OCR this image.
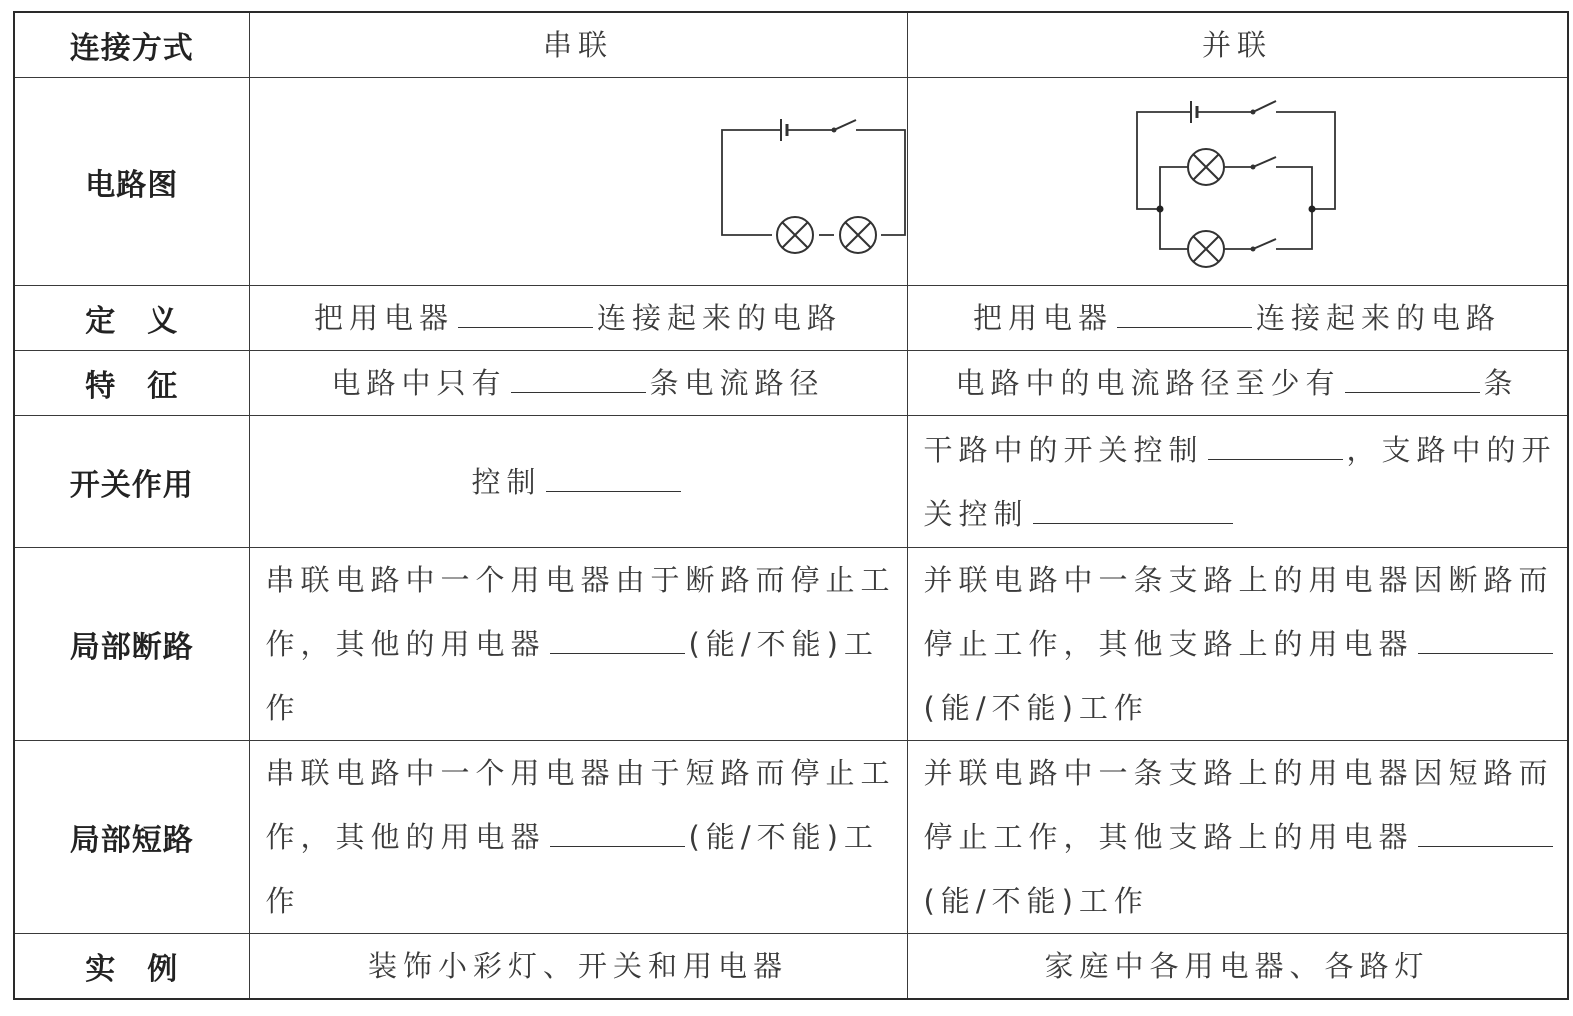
连接方式	串联	并联
电路图	

定　义	把用电器 连接起来的电路	把用电器 连接起来的电路
特　征	电路中只有 条电流路径	电路中的电流路径至少有 条
开关作用	控制	干路中的开关控制 ，支路中的开关控制
局部断路	串联电路中一个用电器由于断路而停止工作，其他的用电器 (能/不能)工作	并联电路中一条支路上的用电器因断路而停止工作，其他支路上的用电器(能/不能)工作
局部短路	串联电路中一个用电器由于短路而停止工作，其他的用电器 (能/不能)工作	并联电路中一条支路上的用电器因短路而停止工作，其他支路上的用电器(能/不能)工作
实　例	装饰小彩灯、开关和用电器	家庭中各用电器、各路灯
